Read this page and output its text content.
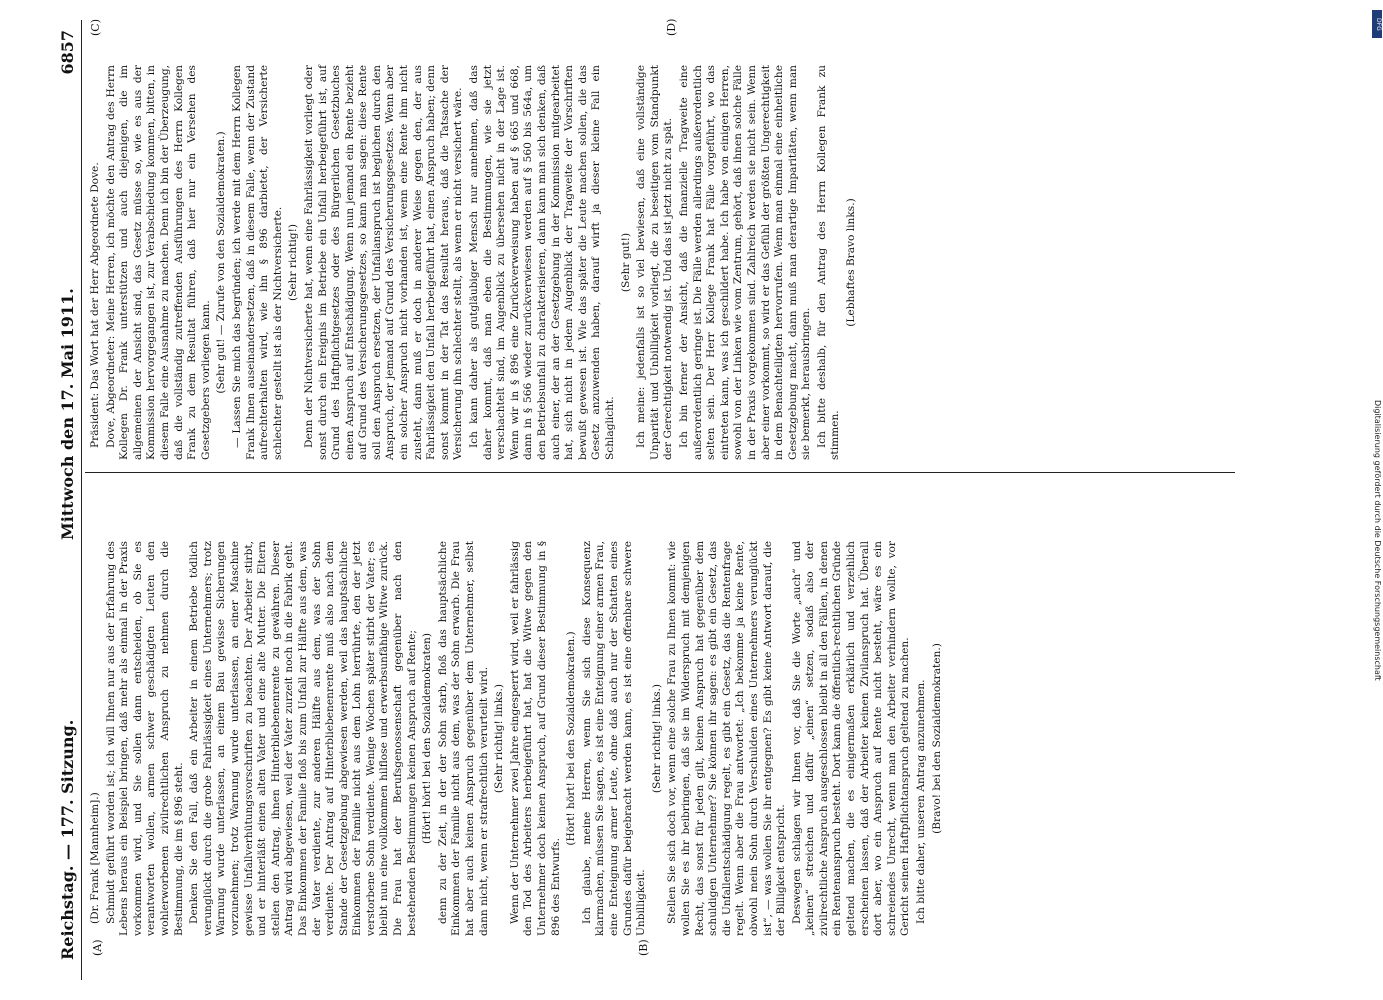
Reichstag. — 177. Sitzung.
Mittwoch den 17. Mai 1911.
6857
(A)	(B)
(C)	(D)

(Dr. Frank [Mannheim].) Schmidt geführt worden ist; ich will Ihnen nur aus der Erfahrung des Lebens heraus ein Beispiel bringen, daß mehr als einmal in der Praxis vorkommen wird, und Sie sollen dann entscheiden, ob Sie es verantworten wollen, armen schwer geschädigten Leuten den wohlerworbenen zivilrechtlichen Anspruch zu nehmen durch die Bestimmung, die im § 896 steht. Denken Sie den Fall, daß ein Arbeiter in einem Betriebe tödlich verunglückt durch die grobe Fahrlässigkeit eines Unternehmers; trotz Warnung wurde unterlassen, an einem Bau gewisse Sicherungen vorzunehmen; trotz Warnung wurde unterlassen, an einer Maschine gewisse Unfallverhütungsvorschriften zu beachten. Der Arbeiter stirbt, und er hinterläßt einen alten Vater und eine alte Mutter. Die Eltern stellen den Antrag, ihnen Hinterbliebenenrente zu gewähren. Dieser Antrag wird abgewiesen, weil der Vater zurzeit noch in die Fabrik geht. Das Einkommen der Familie floß bis zum Unfall zur Hälfte aus dem, was der Vater verdiente, zur anderen Hälfte aus dem, was der Sohn verdiente. Der Antrag auf Hinterbliebenenrente muß also nach dem Stande der Gesetzgebung abgewiesen werden, weil das hauptsächliche Einkommen der Familie nicht aus dem Lohn herrührte, den der jetzt verstorbene Sohn verdiente. Wenige Wochen später stirbt der Vater; es bleibt nun eine vollkommen hilflose und erwerbsunfähige Witwe zurück. Die Frau hat der Berufsgenossenschaft gegenüber nach den bestehenden Bestimmungen keinen Anspruch auf Rente; (Hört! hört! bei den Sozialdemokraten) denn zu der Zeit, in der der Sohn starb, floß das hauptsächliche Einkommen der Familie nicht aus dem, was der Sohn erwarb. Die Frau hat aber auch keinen Anspruch gegenüber dem Unternehmer, selbst dann nicht, wenn er strafrechtlich verurteilt wird. (Sehr richtig! links.) Wenn der Unternehmer zwei Jahre eingesperrt wird, weil er fahrlässig den Tod des Arbeiters herbeigeführt hat, hat die Witwe gegen den Unternehmer doch keinen Anspruch, auf Grund dieser Bestimmung in § 896 des Entwurfs.

(Hört! hört! bei den Sozialdemokraten.) Ich glaube, meine Herren, wenn Sie sich diese Konsequenz klarmachen, müssen Sie sagen, es ist eine Enteignung einer armen Frau, eine Enteignung armer Leute, ohne daß auch nur der Schatten eines Grundes dafür beigebracht werden kann, es ist eine offenbare schwere Unbilligkeit.

(Sehr richtig! links.) Stellen Sie sich doch vor, wenn eine solche Frau zu Ihnen kommt: wie wollen Sie es ihr beibringen, daß sie im Widerspruch mit demjenigen Recht, das sonst für jeden gilt, keinen Anspruch hat gegenüber dem schuldigen Unternehmer? Sie können ihr sagen: es gibt ein Gesetz, das die Unfallentschädigung regelt, es gibt ein Gesetz, das die Rentenfrage regelt. Wenn aber die Frau antwortet: „Ich bekomme ja keine Rente, obwohl mein Sohn durch Verschulden eines Unternehmers verunglückt ist“, — was wollen Sie ihr entgegnen? Es gibt keine Antwort darauf, die der Billigkeit entspricht. Deswegen schlagen wir Ihnen vor, daß Sie die Worte „auch“ und „keinen“ streichen und dafür „einen“ setzen, sodaß also der zivilrechtliche Anspruch ausgeschlossen bleibt in all den Fällen, in denen ein Rentenanspruch besteht. Dort kann die öffentlich-rechtlichen Gründe geltend machen, die es einigermaßen erklärlich und verzeihlich erscheinen lassen, daß der Arbeiter keinen Zivilanspruch hat. Überall dort aber, wo ein Anspruch auf Rente nicht besteht, wäre es ein schreiendes Unrecht, wenn man den Arbeiter verhindern wollte, vor Gericht seinen Haftpflichtanspruch geltend zu machen. Ich bitte daher, unseren Antrag anzunehmen. (Bravo! bei den Sozialdemokraten.)

Präsident: Das Wort hat der Herr Abgeordnete Dove. Dove, Abgeordneter: Meine Herren, ich möchte den Antrag des Herrn Kollegen Dr. Frank unterstützen und auch diejenigen, die im allgemeinen der Ansicht sind, das Gesetz müsse so, wie es aus der Kommission hervorgegangen ist, zur Verabschiedung kommen, bitten, in diesem Falle eine Ausnahme zu machen. Denn ich bin der Überzeugung, daß die vollständig zutreffenden Ausführungen des Herrn Kollegen Frank zu dem Resultat führen, daß hier nur ein Versehen des Gesetzgebers vorliegen kann. (Sehr gut! — Zurufe von den Sozialdemokraten.) — Lassen Sie mich das begründen; ich werde mit dem Herrn Kollegen Frank Ihnen auseinandersetzen, daß in diesem Falle, wenn der Zustand aufrechterhalten wird, wie ihn § 896 darbietet, der Versicherte schlechter gestellt ist als der Nichtversicherte. (Sehr richtig!) Denn der Nichtversicherte hat, wenn eine Fahrlässigkeit vorliegt oder sonst durch ein Ereignis im Betriebe ein Unfall herbeigeführt ist, auf Grund des Haftpflichtgesetzes oder des Bürgerlichen Gesetzbuches einen Anspruch auf Entschädigung. Wenn nun jemand ein Rente bezieht auf Grund des Versicherungsgesetzes, so kann man sagen: diese Rente soll den Anspruch ersetzen, der Unfallanspruch ist beglichen durch den Anspruch, der jemand auf Grund des Versicherungsgesetzes. Wenn aber ein solcher Anspruch nicht vorhanden ist, wenn eine Rente ihm nicht zusteht, dann muß er doch in anderer Weise gegen den, der aus Fahrlässigkeit den Unfall herbeigeführt hat, einen Anspruch haben; denn sonst kommt in der Tat das Resultat heraus, daß die Tatsache der Versicherung ihn schlechter stellt, als wenn er nicht versichert wäre. Ich kann daher als gutgläubiger Mensch nur annehmen, daß das daher kommt, daß man eben die Bestimmungen, wie sie jetzt verschachtelt sind, im Augenblick zu übersehen nicht in der Lage ist. Wenn wir in § 896 eine Zurückverweisung haben auf § 665 und 668, dann in § 566 wieder zurückverwiesen werden auf § 560 bis 564a, um den Betriebsunfall zu charakterisieren, dann kann man sich denken, daß auch einer, der an der Gesetzgebung in der Kommission mitgearbeitet hat, sich nicht in jedem Augenblick der Tragweite der Vorschriften bewußt gewesen ist. Wie das später die Leute machen sollen, die das Gesetz anzuwenden haben, darauf wirft ja dieser kleine Fall ein Schlaglicht.

(Sehr gut!) Ich meine: jedenfalls ist so viel bewiesen, daß eine vollständige Unparität und Unbilligkeit vorliegt, die zu beseitigen vom Standpunkt der Gerechtigkeit notwendig ist. Und das ist jetzt nicht zu spät. Ich bin ferner der Ansicht, daß die finanzielle Tragweite eine außerordentlich geringe ist. Die Fälle werden allerdings außerordentlich selten sein. Der Herr Kollege Frank hat Fälle vorgeführt, wo das eintreten kann, was ich geschildert habe. Ich habe von einigen Herren, sowohl von der Linken wie vom Zentrum, gehört, daß ihnen solche Fälle in der Praxis vorgekommen sind. Zahlreich werden sie nicht sein. Wenn aber einer vorkommt, so wird er das Gefühl der größten Ungerechtigkeit in dem Benachteiligten hervorrufen. Wenn man einmal eine einheitliche Gesetzgebung macht, dann muß man derartige Imparitäten, wenn man sie bemerkt, herausbringen. Ich bitte deshalb, für den Antrag des Herrn Kollegen Frank zu stimmen.

(Lebhaftes Bravo links.)

DFG
Digitalisierung gefördert durch die Deutsche Forschungsgemeinschaft
